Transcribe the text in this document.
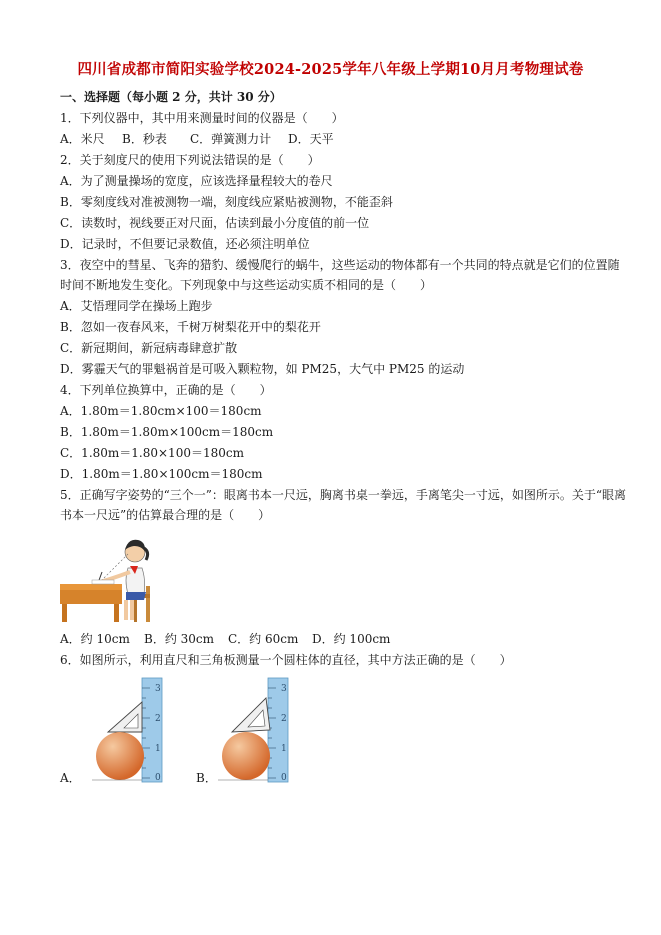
四川省成都市简阳实验学校2024-2025学年八年级上学期10月月考物理试卷
一、选择题（每小题 2 分，共计 30 分）
1．下列仪器中，其中用来测量时间的仪器是（　　）
A．米尺 B．秒表 C．弹簧测力计 D．天平
2．关于刻度尺的使用下列说法错误的是（　　）
A．为了测量操场的宽度，应该选择量程较大的卷尺
B．零刻度线对准被测物一端，刻度线应紧贴被测物，不能歪斜
C．读数时，视线要正对尺面，估读到最小分度值的前一位
D．记录时，不但要记录数值，还必须注明单位
3．夜空中的彗星、飞奔的猎豹、缓慢爬行的蜗牛，这些运动的物体都有一个共同的特点就是它们的位置随
时间不断地发生变化。下列现象中与这些运动实质不相同的是（　　）
A．艾悟理同学在操场上跑步
B．忽如一夜春风来，千树万树梨花开中的梨花开
C．新冠期间，新冠病毒肆意扩散
D．雾霾天气的罪魁祸首是可吸入颗粒物，如 PM25，大气中 PM25 的运动
4．下列单位换算中，正确的是（　　）
A．1.80m＝1.80cm×100＝180cm
B．1.80m＝1.80m×100cm＝180cm
C．1.80m＝1.80×100＝180cm
D．1.80m＝1.80×100cm＝180cm
5．正确写字姿势的“三个一”：眼离书本一尺远，胸离书桌一拳远，手离笔尖一寸远，如图所示。关于“眼离
书本一尺远”的估算最合理的是（　　）
A．约 10cm B．约 30cm C．约 60cm D．约 100cm
6．如图所示，利用直尺和三角板测量一个圆柱体的直径，其中方法正确的是（　　）
3
2
1
0
A．
3
2
1
0
B．
